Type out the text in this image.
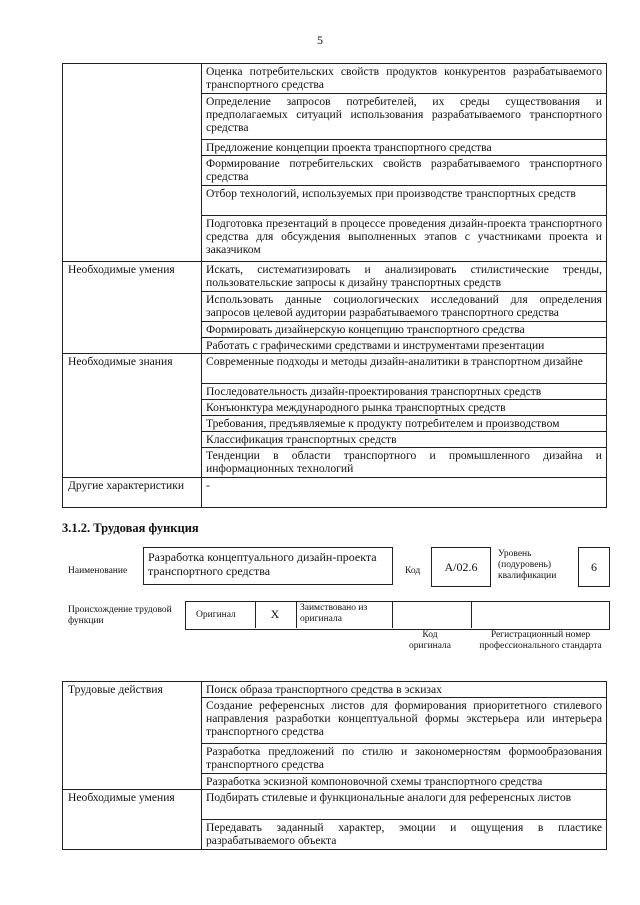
5
	Оценка потребительских свойств продуктов конкурентов разрабатываемого транспортного средства
	Определение запросов потребителей, их среды существования и предполагаемых ситуаций использования разрабатываемого транспортного средства
	Предложение концепции проекта транспортного средства
	Формирование потребительских свойств разрабатываемого транспортного средства
	Отбор технологий, используемых при производстве транспортных средств
	Подготовка презентаций в процессе проведения дизайн-проекта транспортного средства для обсуждения выполненных этапов с участниками проекта и заказчиком
Необходимые умения	Искать, систематизировать и анализировать стилистические тренды, пользовательские запросы к дизайну транспортных средств
	Использовать данные социологических исследований для определения запросов целевой аудитории разрабатываемого транспортного средства
	Формировать дизайнерскую концепцию транспортного средства
	Работать с графическими средствами и инструментами презентации
Необходимые знания	Современные подходы и методы дизайн-аналитики в транспортном дизайне
	Последовательность дизайн-проектирования транспортных средств
	Конъюнктура международного рынка транспортных средств
	Требования, предъявляемые к продукту потребителем и производством
	Классификация транспортных средств
	Тенденции в области транспортного и промышленного дизайна и информационных технологий
Другие характеристики	-
3.1.2. Трудовая функция
Наименование
Разработка концептуального дизайн-проекта транспортного средства	Код	A/02.6
Уровень (подуровень) квалификации
6
Происхождение трудовой функции
Оригинал	X	Заимствовано из оригинала
Код оригинала
Регистрационный номер профессионального стандарта
Трудовые действия	Поиск образа транспортного средства в эскизах
	Создание референсных листов для формирования приоритетного стилевого направления разработки концептуальной формы экстерьера или интерьера транспортного средства
	Разработка предложений по стилю и закономерностям формообразования транспортного средства
	Разработка эскизной компоновочной схемы транспортного средства
Необходимые умения	Подбирать стилевые и функциональные аналоги для референсных листов
	Передавать заданный характер, эмоции и ощущения в пластике разрабатываемого объекта
